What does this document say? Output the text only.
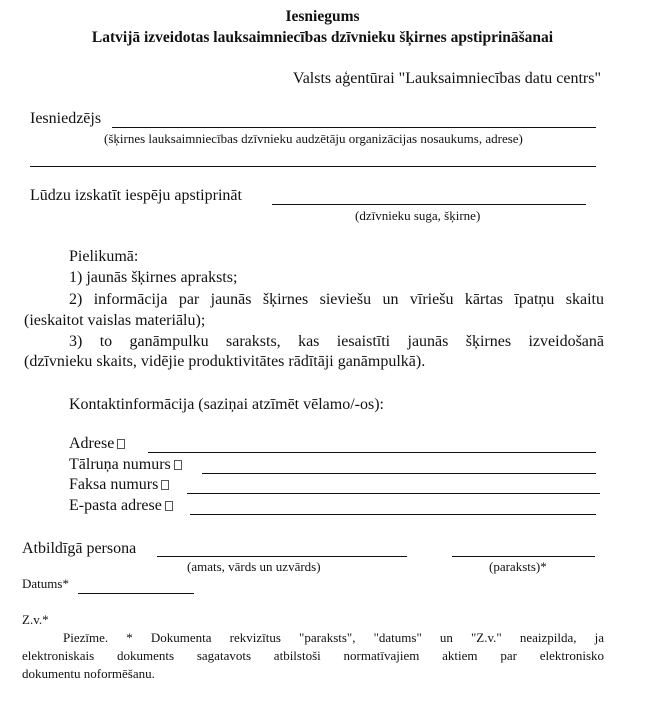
Iesniegums
Latvijā izveidotas lauksaimniecības dzīvnieku šķirnes apstiprināšanai
Valsts aģentūrai "Lauksaimniecības datu centrs"
Iesniedzējs
(šķirnes lauksaimniecības dzīvnieku audzētāju organizācijas nosaukums, adrese)
Lūdzu izskatīt iespēju apstiprināt
(dzīvnieku suga, šķirne)
Pielikumā:
1) jaunās šķirnes apraksts;
2) informācija par jaunās šķirnes sieviešu un vīriešu kārtas īpatņu skaitu
(ieskaitot vaislas materiālu);
3) to ganāmpulku saraksts, kas iesaistīti jaunās šķirnes izveidošanā
(dzīvnieku skaits, vidējie produktivitātes rādītāji ganāmpulkā).
Kontaktinformācija (saziņai atzīmēt vēlamo/-os):
Adrese
Tālruņa numurs
Faksa numurs
E-pasta adrese
Atbildīgā persona
(amats, vārds un uzvārds)	(paraksts)*
Datums*
Z.v.*
Piezīme. * Dokumenta rekvizītus "paraksts", "datums" un "Z.v." neaizpilda, ja
elektroniskais dokuments sagatavots atbilstoši normatīvajiem aktiem par elektronisko
dokumentu noformēšanu.
